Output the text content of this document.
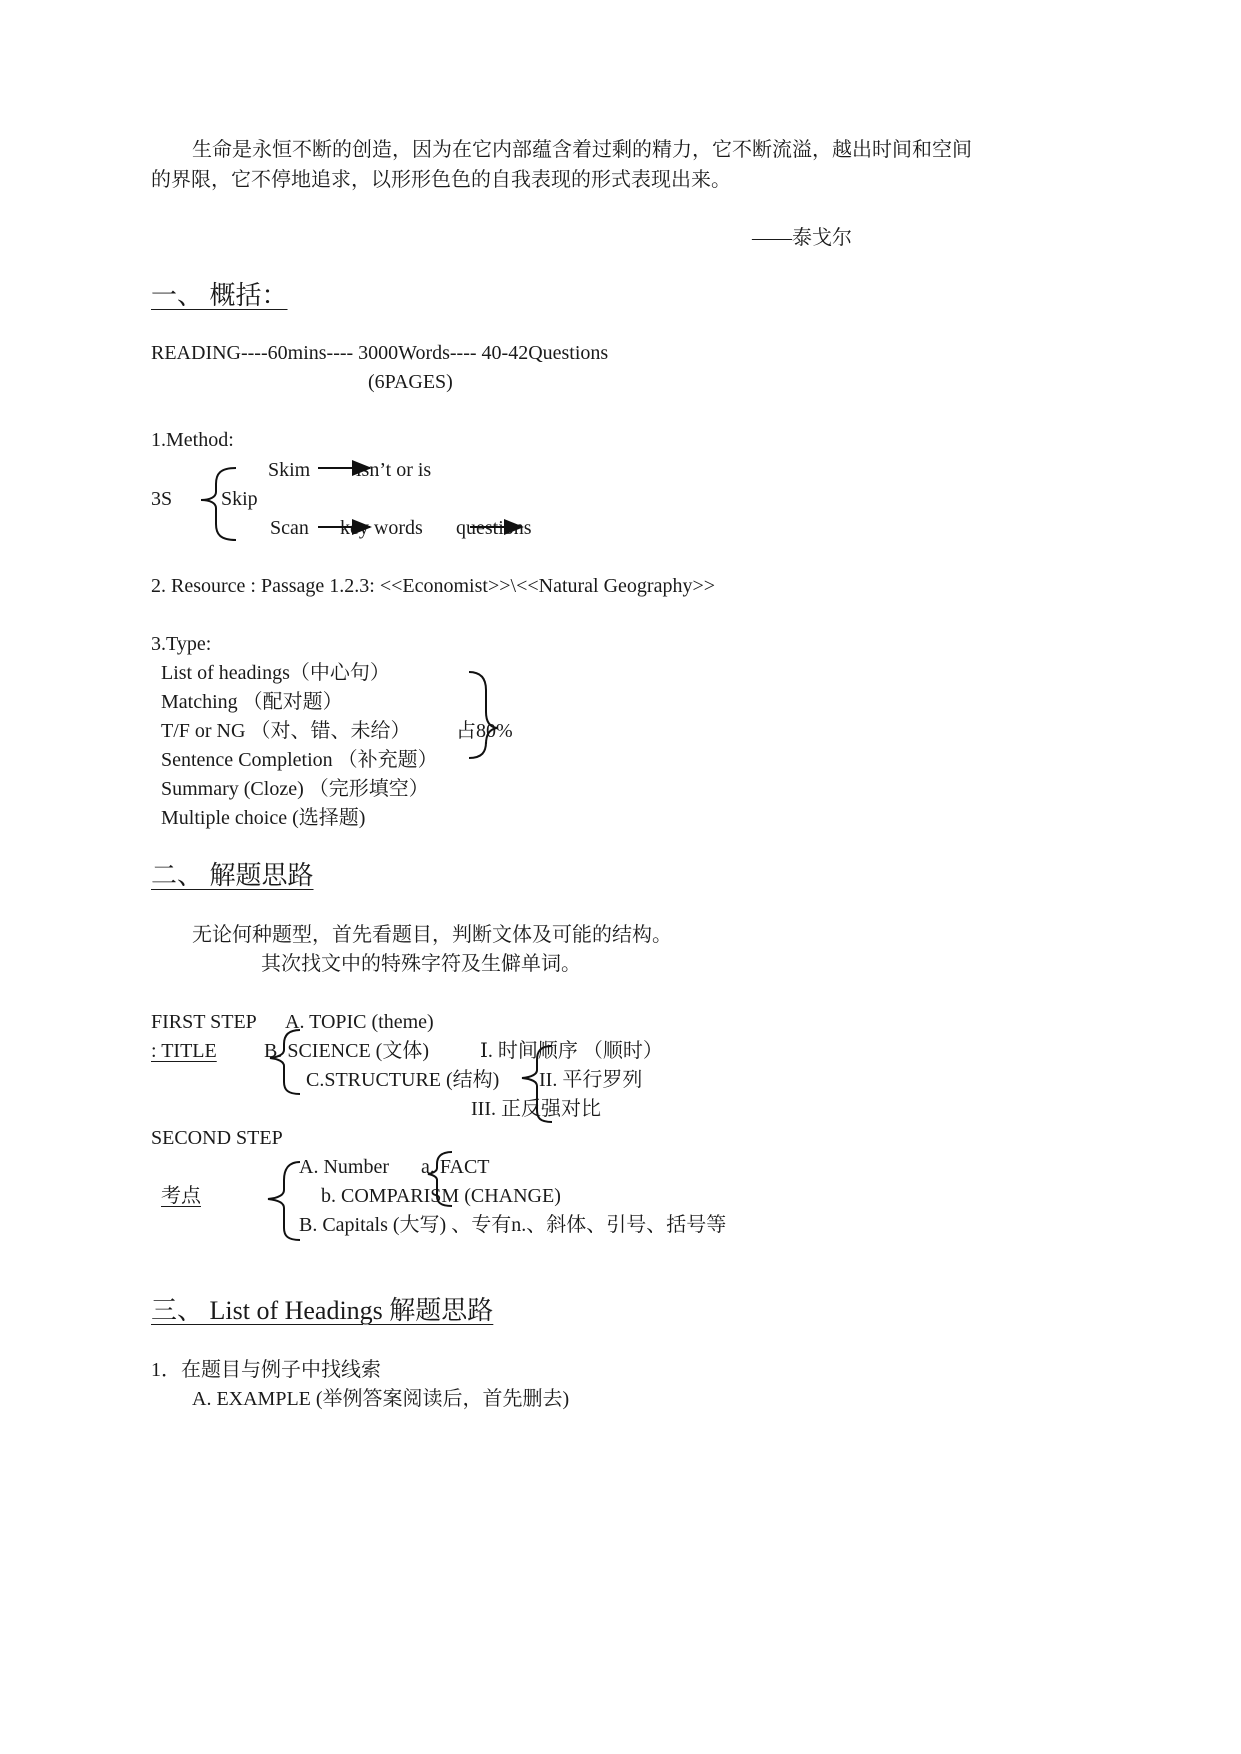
生命是永恒不断的创造，因为在它内部蕴含着过剩的精力，它不断流溢，越出时间和空间
的界限，它不停地追求，以形形色色的自我表现的形式表现出来。
——泰戈尔
一、 概括：
READING----60mins---- 3000Words---- 40-42Questions
(6PAGES)
1.Method:
Skim isn’t or is
3S Skip
Scan key words questions
2. Resource : Passage 1.2.3: <<Economist>>\<<Natural Geography>>
3.Type:
List of headings（中心句）
Matching （配对题）
T/F or NG （对、错、未给）
Sentence Completion （补充题）
Summary (Cloze) （完形填空）
Multiple choice (选择题)
占80%
二、 解题思路
无论何种题型，首先看题目，判断文体及可能的结构。
其次找文中的特殊字符及生僻单词。
FIRST STEP A. TOPIC (theme)
: TITLE B. SCIENCE (文体)	Ⅰ. 时间顺序 （顺时）
C.STRUCTURE (结构) II. 平行罗列
III. 正反强对比
SECOND STEP
A. Number a. FACT
考点	b. COMPARISM (CHANGE)
B. Capitals (大写) 、专有n.、斜体、引号、括号等
三、 List of Headings 解题思路
1．在题目与例子中找线索
A. EXAMPLE (举例答案阅读后，首先删去)
